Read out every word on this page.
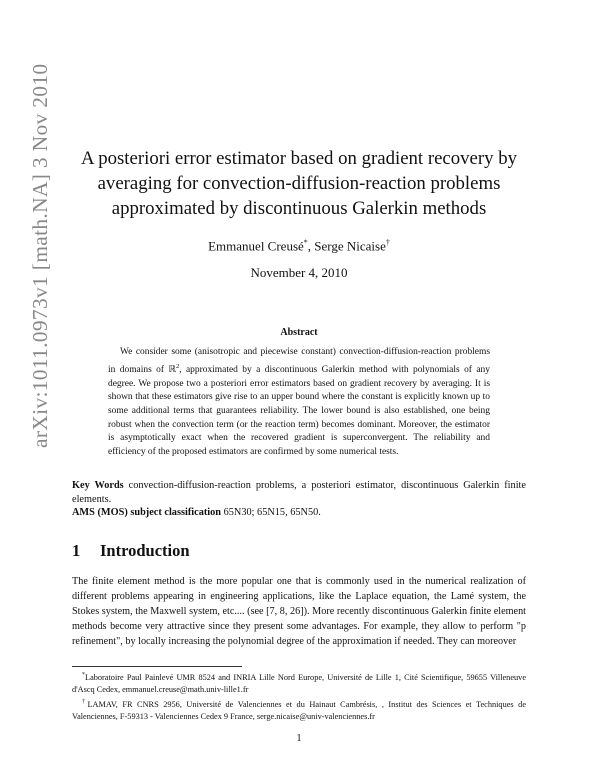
arXiv:1011.0973v1 [math.NA] 3 Nov 2010	A posteriori error estimator based on gradient recovery by averaging for convection-diffusion-reaction problems approximated by discontinuous Galerkin methods
Emmanuel Creusé*, Serge Nicaise†
November 4, 2010
Abstract
We consider some (anisotropic and piecewise constant) convection-diffusion-reaction problems in domains of ℝ$^2$, approximated by a discontinuous Galerkin method with polynomials of any degree. We propose two a posteriori error estimators based on gradient recovery by averaging. It is shown that these estimators give rise to an upper bound where the constant is explicitly known up to some additional terms that guarantees reliability. The lower bound is also established, one being robust when the convection term (or the reaction term) becomes dominant. Moreover, the estimator is asymptotically exact when the recovered gradient is superconvergent. The reliability and efficiency of the proposed estimators are confirmed by some numerical tests.
Key Words convection-diffusion-reaction problems, a posteriori estimator, discontinuous Galerkin finite elements.
AMS (MOS) subject classification 65N30; 65N15, 65N50.
1 Introduction
The finite element method is the more popular one that is commonly used in the numerical realization of different problems appearing in engineering applications, like the Laplace equation, the Lamé system, the Stokes system, the Maxwell system, etc.... (see [7, 8, 26]). More recently discontinuous Galerkin finite element methods become very attractive since they present some advantages. For example, they allow to perform "p refinement", by locally increasing the polynomial degree of the approximation if needed. They can moreover

*Laboratoire Paul Painlevé UMR 8524 and INRIA Lille Nord Europe, Université de Lille 1, Cité Scientifique, 59655 Villeneuve d'Ascq Cedex, emmanuel.creuse@math.univ-lille1.fr

†LAMAV, FR CNRS 2956, Université de Valenciennes et du Hainaut Cambrésis, , Institut des Sciences et Techniques de Valenciennes, F-59313 - Valenciennes Cedex 9 France, serge.nicaise@univ-valenciennes.fr

1
